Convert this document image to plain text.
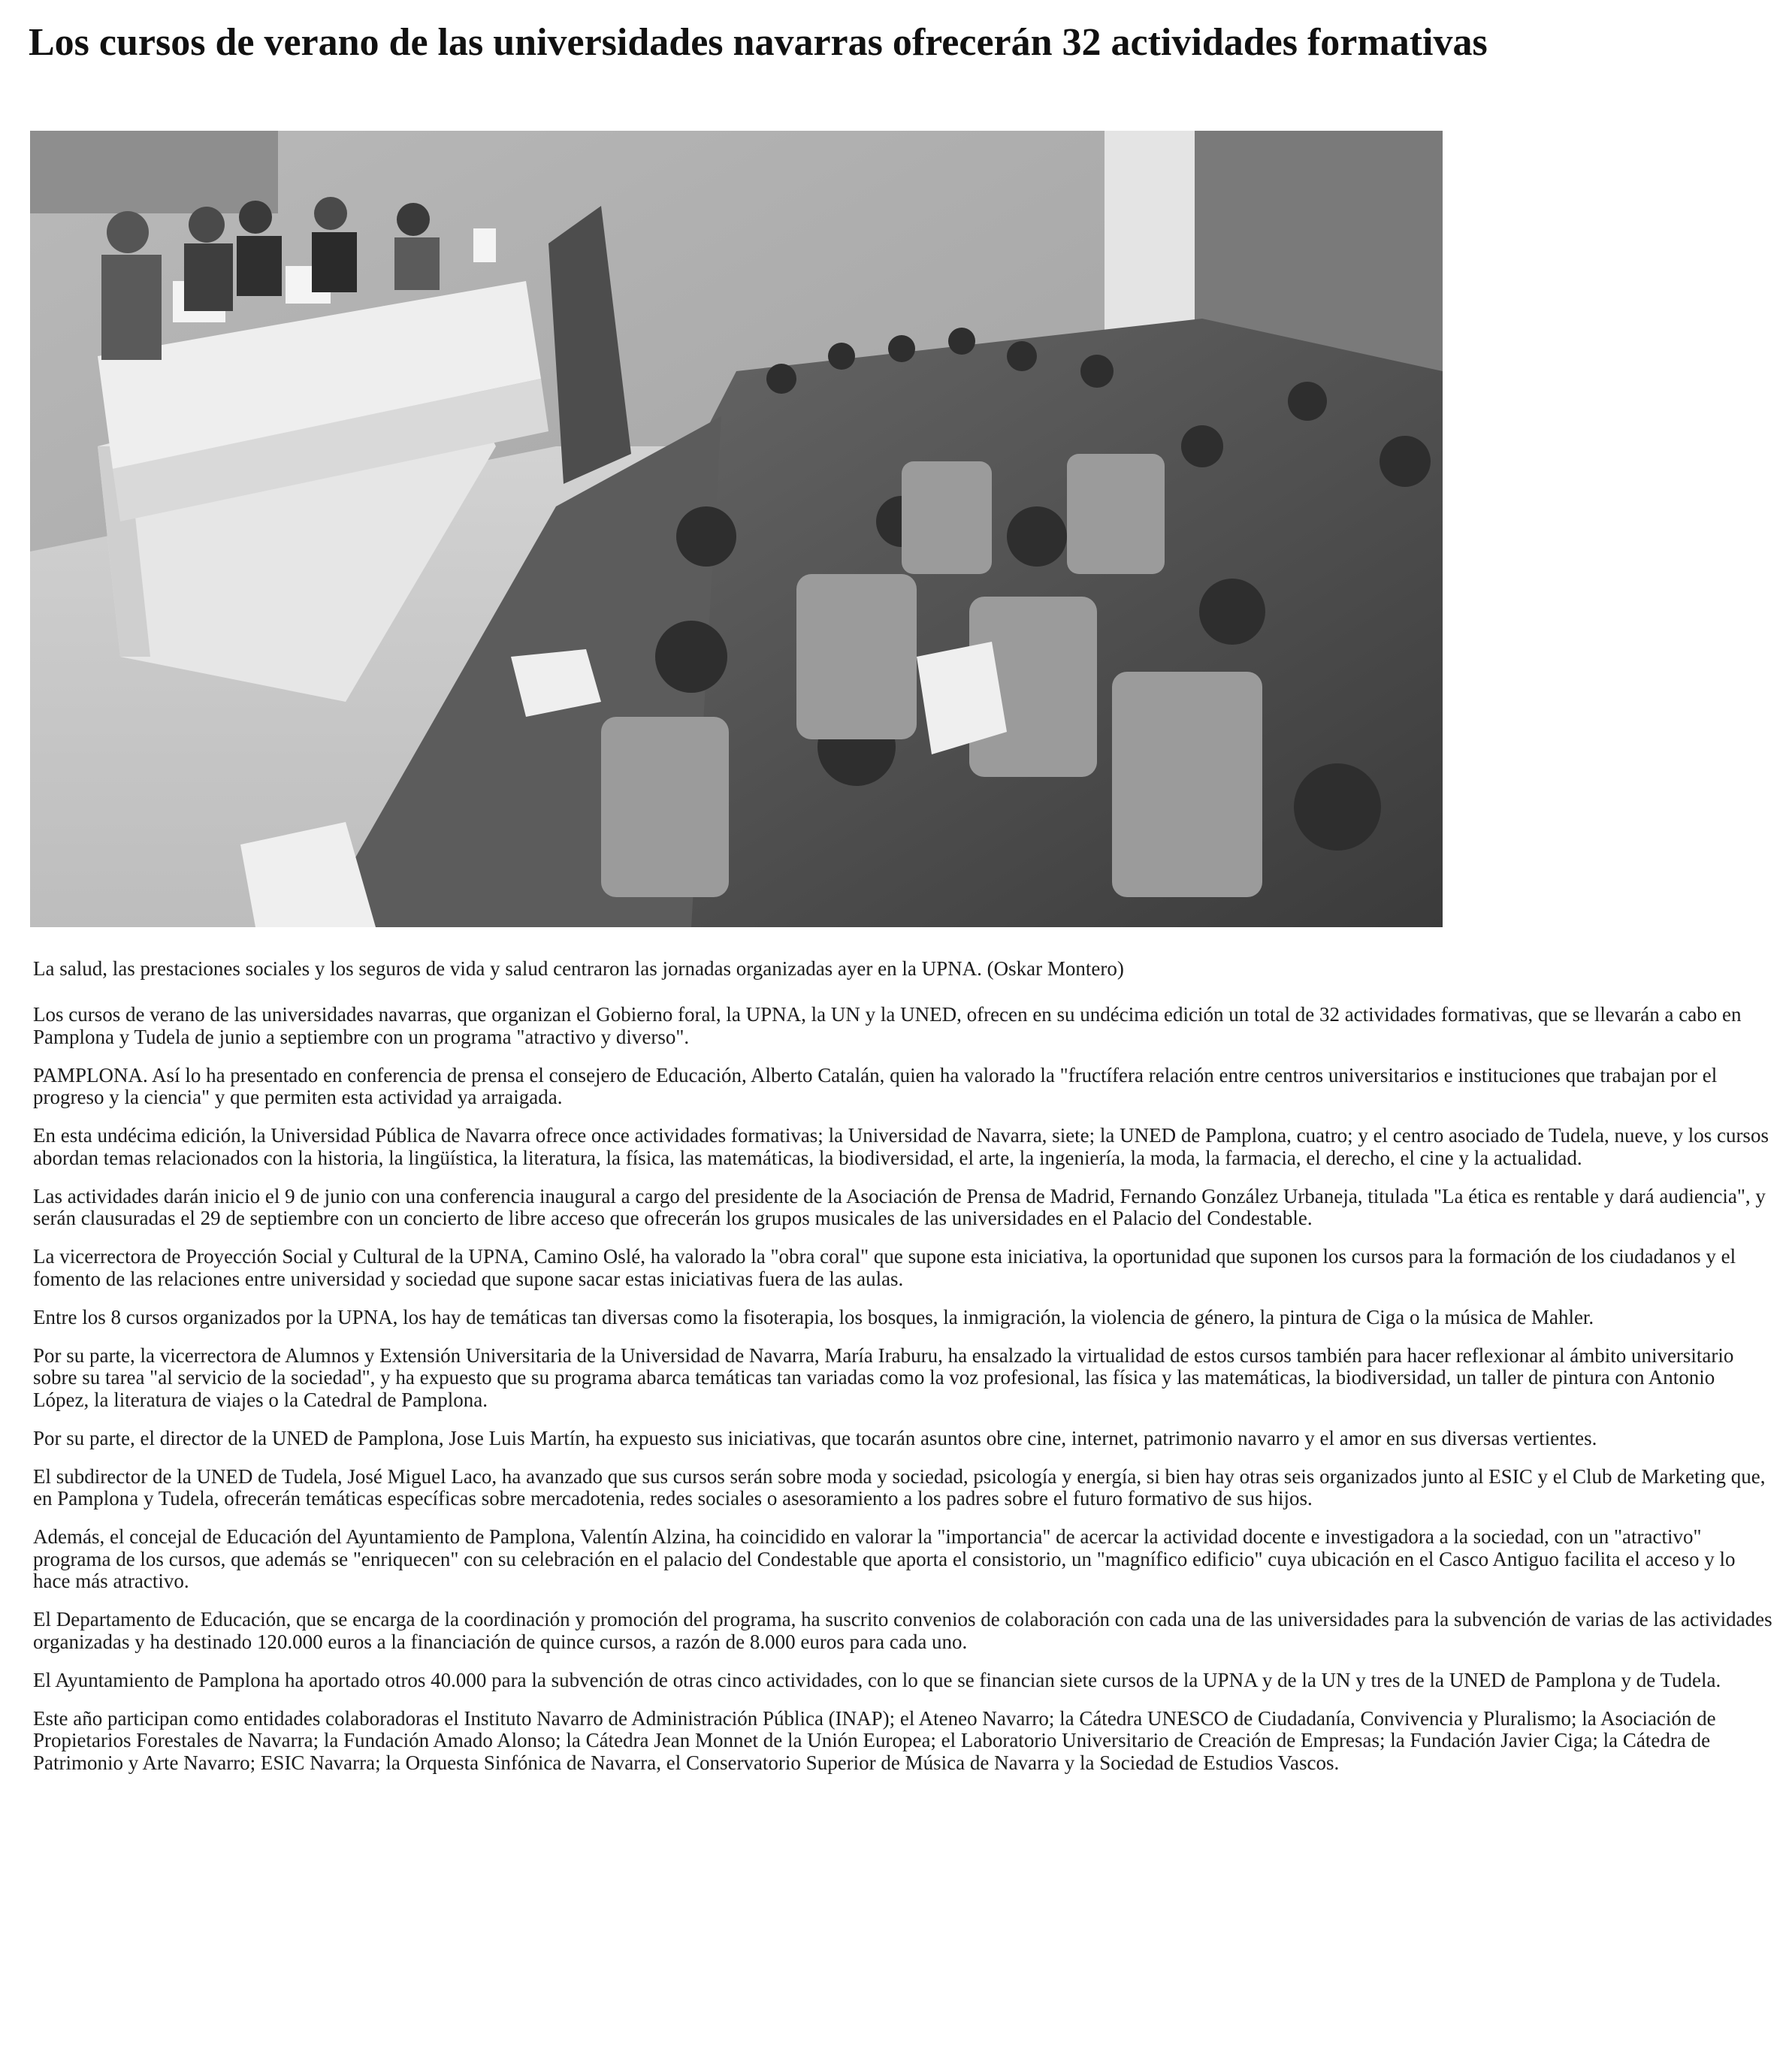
Los cursos de verano de las universidades navarras ofrecerán 32 actividades formativas

La salud, las prestaciones sociales y los seguros de vida y salud centraron las jornadas organizadas ayer en la UPNA. (Oskar Montero)

Los cursos de verano de las universidades navarras, que organizan el Gobierno foral, la UPNA, la UN y la UNED, ofrecen en su undécima edición un total de 32 actividades formativas, que se llevarán a cabo en Pamplona y Tudela de junio a septiembre con un programa "atractivo y diverso".

PAMPLONA. Así lo ha presentado en conferencia de prensa el consejero de Educación, Alberto Catalán, quien ha valorado la "fructífera relación entre centros universitarios e instituciones que trabajan por el progreso y la ciencia" y que permiten esta actividad ya arraigada.

En esta undécima edición, la Universidad Pública de Navarra ofrece once actividades formativas; la Universidad de Navarra, siete; la UNED de Pamplona, cuatro; y el centro asociado de Tudela, nueve, y los cursos abordan temas relacionados con la historia, la lingüística, la literatura, la física, las matemáticas, la biodiversidad, el arte, la ingeniería, la moda, la farmacia, el derecho, el cine y la actualidad.

Las actividades darán inicio el 9 de junio con una conferencia inaugural a cargo del presidente de la Asociación de Prensa de Madrid, Fernando González Urbaneja, titulada "La ética es rentable y dará audiencia", y serán clausuradas el 29 de septiembre con un concierto de libre acceso que ofrecerán los grupos musicales de las universidades en el Palacio del Condestable.

La vicerrectora de Proyección Social y Cultural de la UPNA, Camino Oslé, ha valorado la "obra coral" que supone esta iniciativa, la oportunidad que suponen los cursos para la formación de los ciudadanos y el fomento de las relaciones entre universidad y sociedad que supone sacar estas iniciativas fuera de las aulas.

Entre los 8 cursos organizados por la UPNA, los hay de temáticas tan diversas como la fisoterapia, los bosques, la inmigración, la violencia de género, la pintura de Ciga o la música de Mahler.

Por su parte, la vicerrectora de Alumnos y Extensión Universitaria de la Universidad de Navarra, María Iraburu, ha ensalzado la virtualidad de estos cursos también para hacer reflexionar al ámbito universitario sobre su tarea "al servicio de la sociedad", y ha expuesto que su programa abarca temáticas tan variadas como la voz profesional, las física y las matemáticas, la biodiversidad, un taller de pintura con Antonio López, la literatura de viajes o la Catedral de Pamplona.

Por su parte, el director de la UNED de Pamplona, Jose Luis Martín, ha expuesto sus iniciativas, que tocarán asuntos obre cine, internet, patrimonio navarro y el amor en sus diversas vertientes.

El subdirector de la UNED de Tudela, José Miguel Laco, ha avanzado que sus cursos serán sobre moda y sociedad, psicología y energía, si bien hay otras seis organizados junto al ESIC y el Club de Marketing que, en Pamplona y Tudela, ofrecerán temáticas específicas sobre mercadotenia, redes sociales o asesoramiento a los padres sobre el futuro formativo de sus hijos.

Además, el concejal de Educación del Ayuntamiento de Pamplona, Valentín Alzina, ha coincidido en valorar la "importancia" de acercar la actividad docente e investigadora a la sociedad, con un "atractivo" programa de los cursos, que además se "enriquecen" con su celebración en el palacio del Condestable que aporta el consistorio, un "magnífico edificio" cuya ubicación en el Casco Antiguo facilita el acceso y lo hace más atractivo.

El Departamento de Educación, que se encarga de la coordinación y promoción del programa, ha suscrito convenios de colaboración con cada una de las universidades para la subvención de varias de las actividades organizadas y ha destinado 120.000 euros a la financiación de quince cursos, a razón de 8.000 euros para cada uno.

El Ayuntamiento de Pamplona ha aportado otros 40.000 para la subvención de otras cinco actividades, con lo que se financian siete cursos de la UPNA y de la UN y tres de la UNED de Pamplona y de Tudela.

Este año participan como entidades colaboradoras el Instituto Navarro de Administración Pública (INAP); el Ateneo Navarro; la Cátedra UNESCO de Ciudadanía, Convivencia y Pluralismo; la Asociación de Propietarios Forestales de Navarra; la Fundación Amado Alonso; la Cátedra Jean Monnet de la Unión Europea; el Laboratorio Universitario de Creación de Empresas; la Fundación Javier Ciga; la Cátedra de Patrimonio y Arte Navarro; ESIC Navarra; la Orquesta Sinfónica de Navarra, el Conservatorio Superior de Música de Navarra y la Sociedad de Estudios Vascos.
